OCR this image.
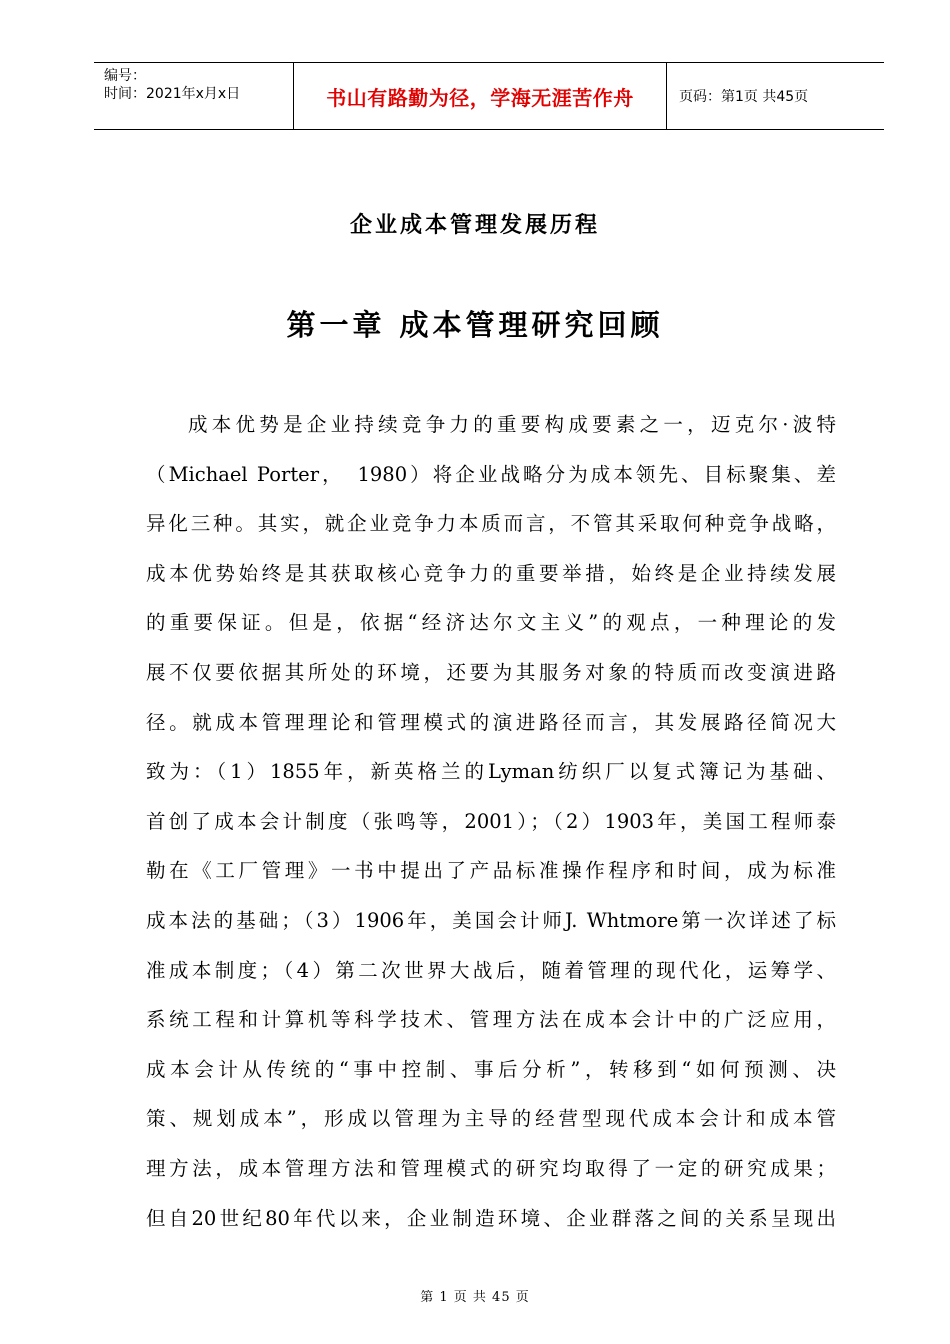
编号：
时间：2021年x月x日	书山有路勤为径，学海无涯苦作舟	页码：第1页 共45页
企业成本管理发展历程
第一章 成本管理研究回顾
成本优势是企业持续竞争力的重要构成要素之一，迈克尔·波特
（Michael Porter，　1980）将企业战略分为成本领先、目标聚集、差
异化三种。其实，就企业竞争力本质而言，不管其采取何种竞争战略，
成本优势始终是其获取核心竞争力的重要举措，始终是企业持续发展
的重要保证。但是，依据“经济达尔文主义”的观点，一种理论的发
展不仅要依据其所处的环境，还要为其服务对象的特质而改变演进路
径。就成本管理理论和管理模式的演进路径而言，其发展路径简况大
致为：（1）1855年，新英格兰的Lyman纺织厂以复式簿记为基础、
首创了成本会计制度（张鸣等，2001）；（2）1903年，美国工程师泰
勒在《工厂管理》一书中提出了产品标准操作程序和时间，成为标准
成本法的基础；（3）1906年，美国会计师J. Whtmore第一次详述了标
准成本制度；（4）第二次世界大战后，随着管理的现代化，运筹学、
系统工程和计算机等科学技术、管理方法在成本会计中的广泛应用，
成本会计从传统的“事中控制、事后分析”，转移到“如何预测、决
策、规划成本”，形成以管理为主导的经营型现代成本会计和成本管
理方法，成本管理方法和管理模式的研究均取得了一定的研究成果；
但自20世纪80年代以来，企业制造环境、企业群落之间的关系呈现出
第 1 页 共 45 页
